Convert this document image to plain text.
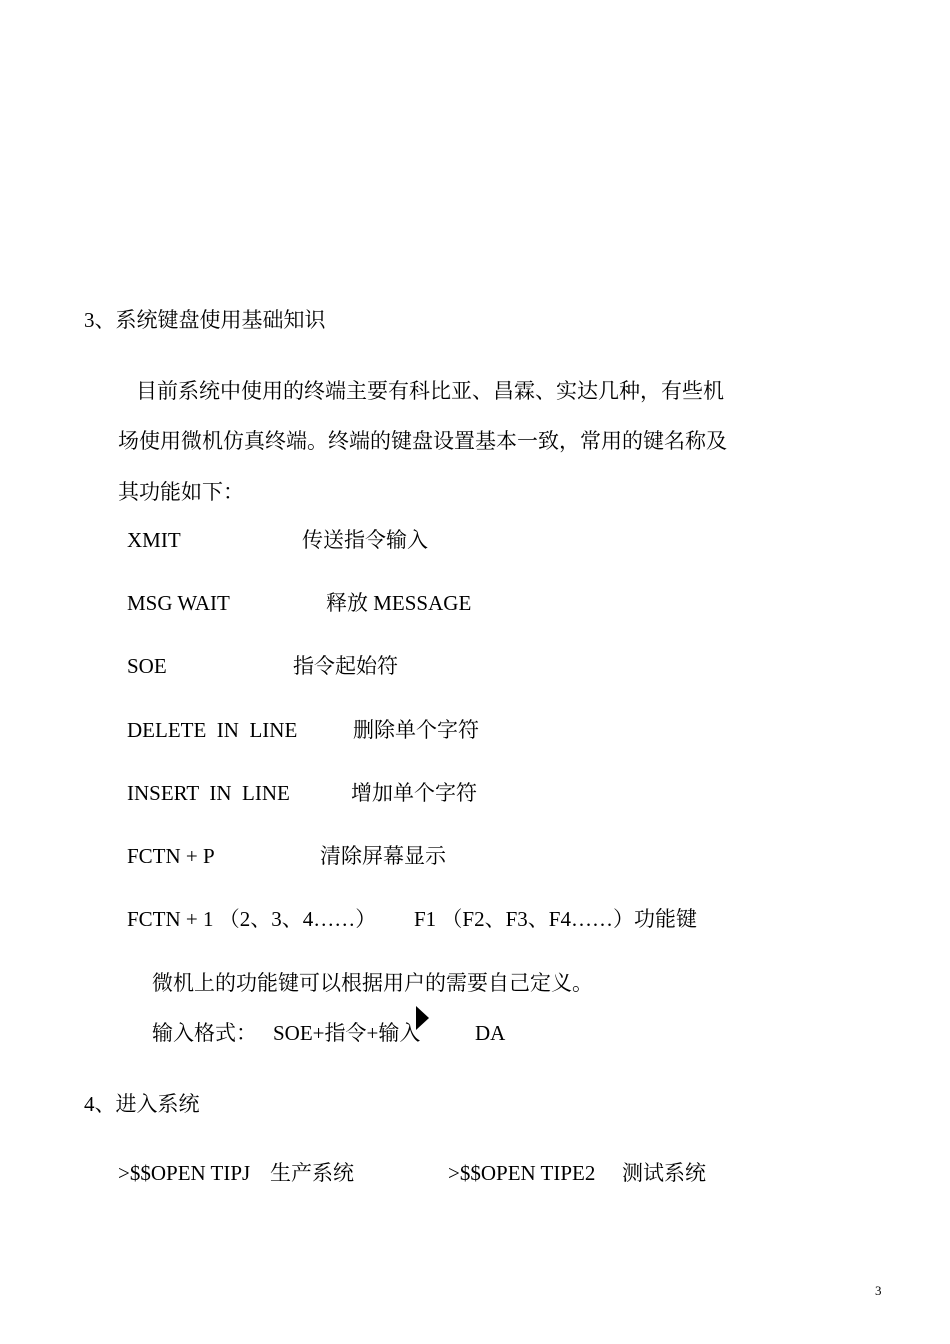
3、系统键盘使用基础知识
目前系统中使用的终端主要有科比亚、昌霖、实达几种，有些机
场使用微机仿真终端。终端的键盘设置基本一致，常用的键名称及
其功能如下：
XMIT	传送指令输入
MSG WAIT	释放 MESSAGE
SOE	指令起始符
DELETE  IN  LINE	删除单个字符
INSERT  IN  LINE	增加单个字符
FCTN + P	清除屏幕显示
FCTN + 1 （2、3、4……） F1 （F2、F3、F4……）功能键
微机上的功能键可以根据用户的需要自己定义。
输入格式： SOE+指令+输入	DA
4、进入系统
>$$OPEN TIPJ 生产系统	>$$OPEN TIPE2 测试系统
3
